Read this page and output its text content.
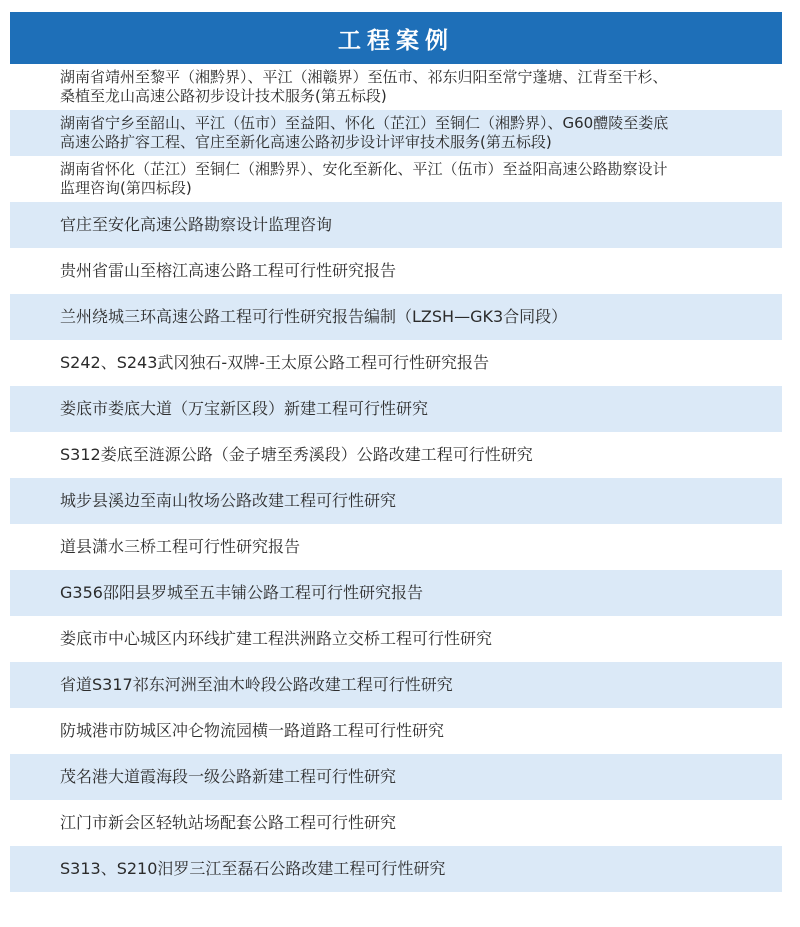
工程案例
湖南省靖州至黎平（湘黔界）、平江（湘赣界）至伍市、祁东归阳至常宁蓬塘、江背至干杉、
桑植至龙山高速公路初步设计技术服务(第五标段)
湖南省宁乡至韶山、平江（伍市）至益阳、怀化（芷江）至铜仁（湘黔界）、G60醴陵至娄底
高速公路扩容工程、官庄至新化高速公路初步设计评审技术服务(第五标段)
湖南省怀化（芷江）至铜仁（湘黔界）、安化至新化、平江（伍市）至益阳高速公路勘察设计
监理咨询(第四标段)
官庄至安化高速公路勘察设计监理咨询
贵州省雷山至榕江高速公路工程可行性研究报告
兰州绕城三环高速公路工程可行性研究报告编制（LZSH—GK3合同段）
S242、S243武冈独石-双牌-王太原公路工程可行性研究报告
娄底市娄底大道（万宝新区段）新建工程可行性研究
S312娄底至涟源公路（金子塘至秀溪段）公路改建工程可行性研究
城步县溪边至南山牧场公路改建工程可行性研究
道县潇水三桥工程可行性研究报告
G356邵阳县罗城至五丰铺公路工程可行性研究报告
娄底市中心城区内环线扩建工程洪洲路立交桥工程可行性研究
省道S317祁东河洲至油木岭段公路改建工程可行性研究
防城港市防城区冲仑物流园横一路道路工程可行性研究
茂名港大道霞海段一级公路新建工程可行性研究
江门市新会区轻轨站场配套公路工程可行性研究
S313、S210汨罗三江至磊石公路改建工程可行性研究
